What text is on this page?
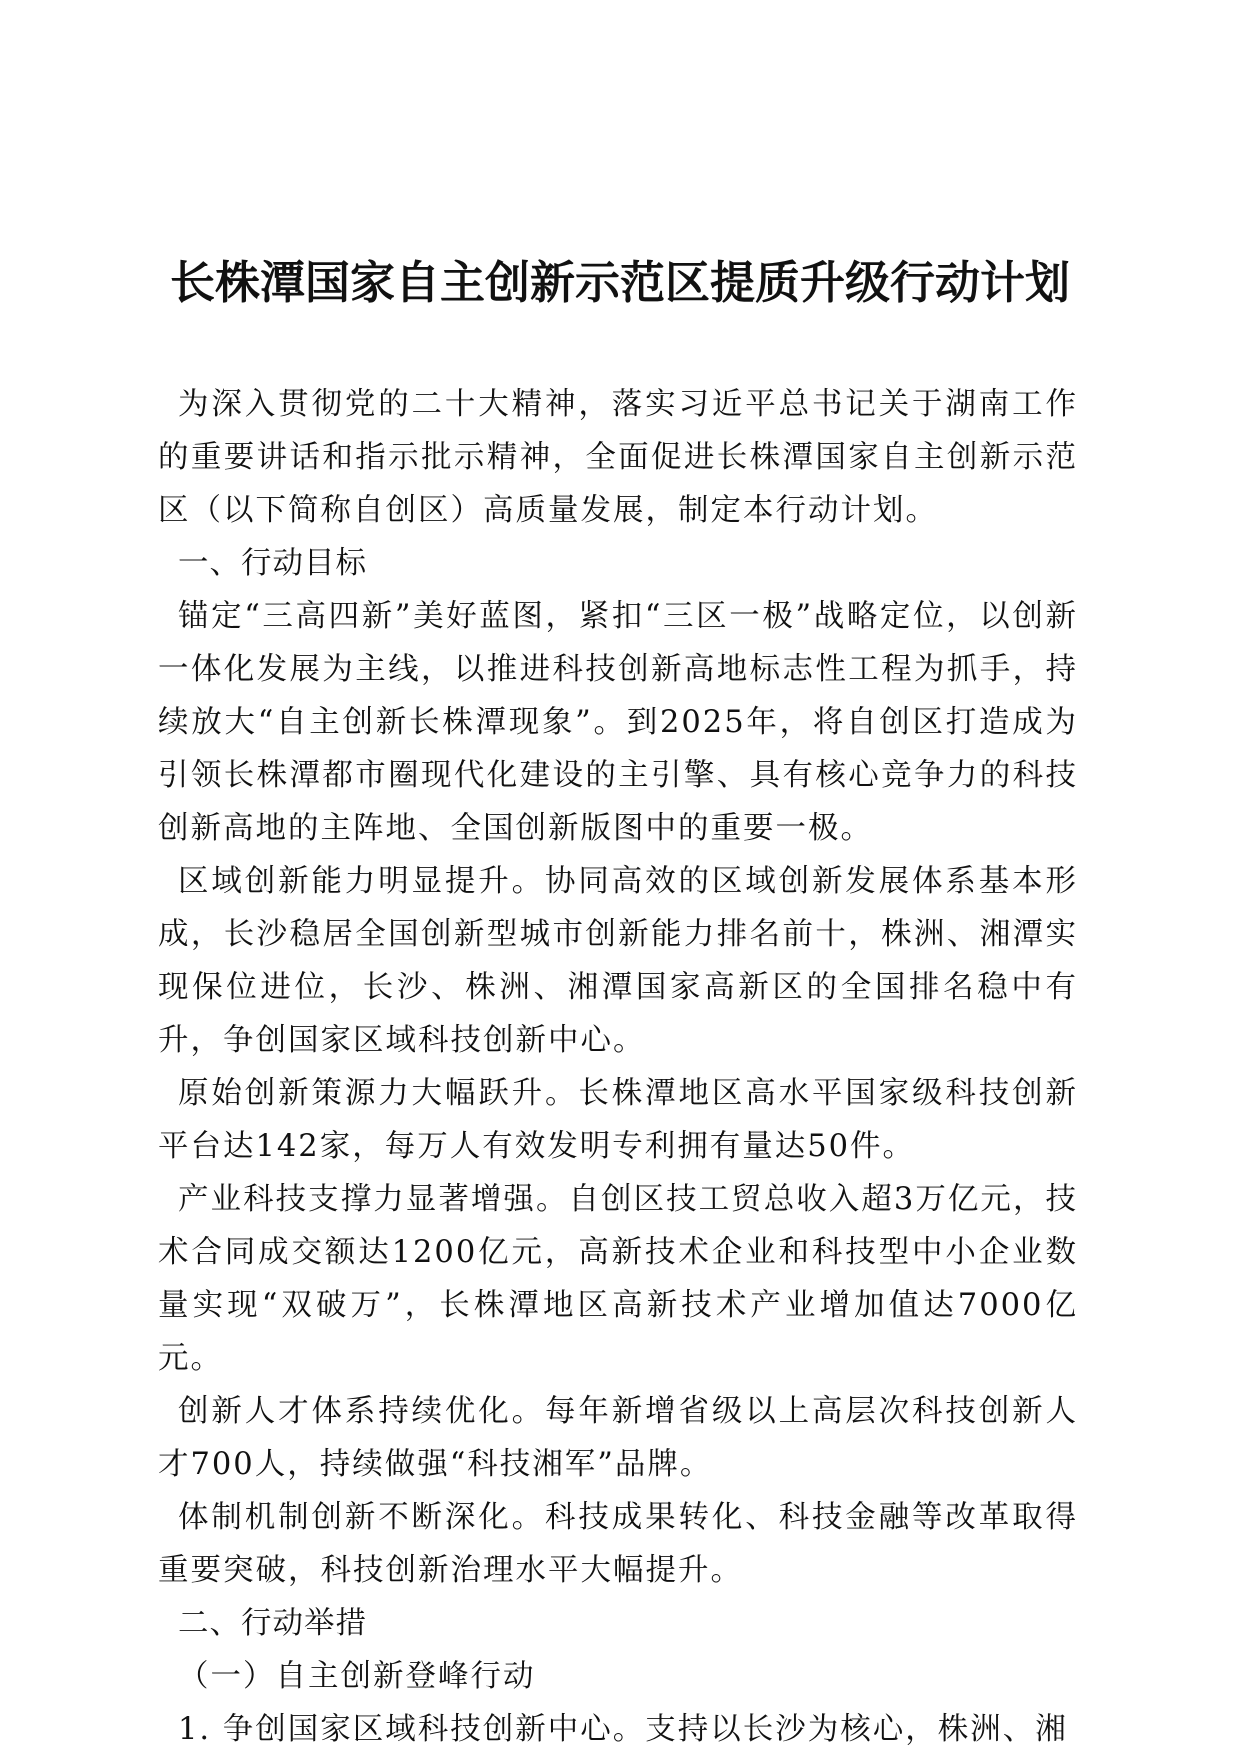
长株潭国家自主创新示范区提质升级行动计划

为深入贯彻党的二十大精神，落实习近平总书记关于湖南工作的重要讲话和指示批示精神，全面促进长株潭国家自主创新示范区（以下简称自创区）高质量发展，制定本行动计划。

一、行动目标

锚定“三高四新”美好蓝图，紧扣“三区一极”战略定位，以创新一体化发展为主线，以推进科技创新高地标志性工程为抓手，持续放大“自主创新长株潭现象”。到2025年，将自创区打造成为引领长株潭都市圈现代化建设的主引擎、具有核心竞争力的科技创新高地的主阵地、全国创新版图中的重要一极。

区域创新能力明显提升。协同高效的区域创新发展体系基本形成，长沙稳居全国创新型城市创新能力排名前十，株洲、湘潭实现保位进位，长沙、株洲、湘潭国家高新区的全国排名稳中有升，争创国家区域科技创新中心。

原始创新策源力大幅跃升。长株潭地区高水平国家级科技创新平台达142家，每万人有效发明专利拥有量达50件。

产业科技支撑力显著增强。自创区技工贸总收入超3万亿元，技术合同成交额达1200亿元，高新技术企业和科技型中小企业数量实现“双破万”，长株潭地区高新技术产业增加值达7000亿元。

创新人才体系持续优化。每年新增省级以上高层次科技创新人才700人，持续做强“科技湘军”品牌。

体制机制创新不断深化。科技成果转化、科技金融等改革取得重要突破，科技创新治理水平大幅提升。

二、行动举措

（一）自主创新登峰行动

1. 争创国家区域科技创新中心。支持以长沙为核心，株洲、湘
